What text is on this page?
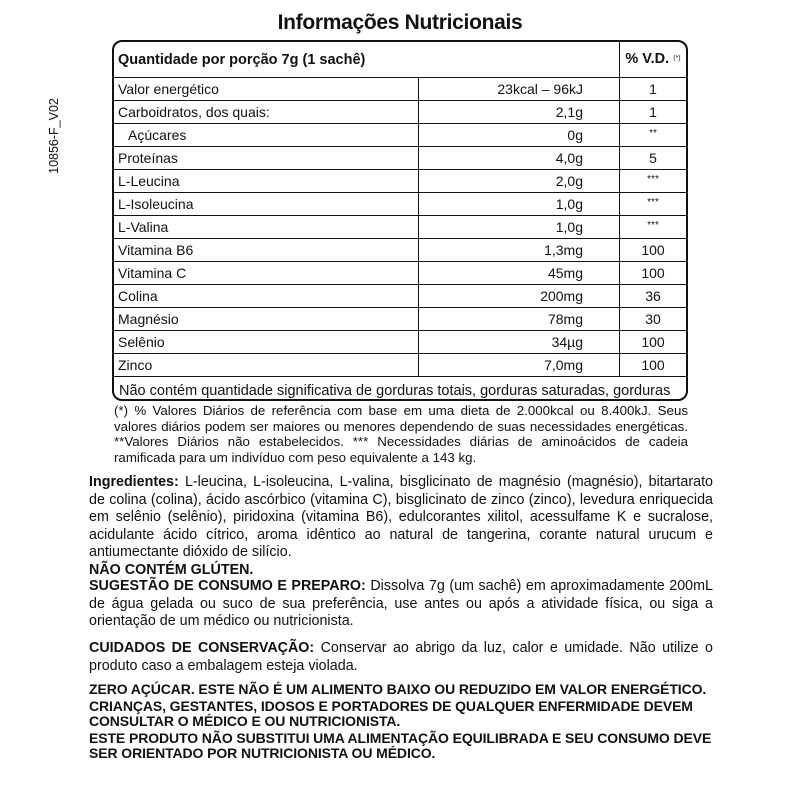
Informações Nutricionais
10856-F_V02
Quantidade por porção 7g (1 sachê)		% V.D. (*)
Valor energético	23kcal – 96kJ	1
Carboidratos, dos quais:	2,1g	1
Açúcares	0g	**
Proteínas	4,0g	5
L-Leucina	2,0g	***
L-Isoleucina	1,0g	***
L-Valina	1,0g	***
Vitamina B6	1,3mg	100
Vitamina C	45mg	100
Colina	200mg	36
Magnésio	78mg	30
Selênio	34µg	100
Zinco	7,0mg	100
Não contém quantidade significativa de gorduras totais, gorduras saturadas, gorduras		
(*) % Valores Diários de referência com base em uma dieta de 2.000kcal ou 8.400kJ. Seus valores diários podem ser maiores ou menores dependendo de suas necessidades energéticas. **Valores Diários não estabelecidos. *** Necessidades diárias de aminoácidos de cadeia ramificada para um indivíduo com peso equivalente a 143 kg.
Ingredientes: L-leucina, L-isoleucina, L-valina, bisglicinato de magnésio (magnésio), bitartarato de colina (colina), ácido ascórbico (vitamina C), bisglicinato de zinco (zinco), levedura enriquecida em selênio (selênio), piridoxina (vitamina B6), edulcorantes xilitol, acessulfame K e sucralose, acidulante ácido cítrico, aroma idêntico ao natural de tangerina, corante natural urucum e antiumectante dióxido de silício.
NÃO CONTÉM GLÚTEN.
SUGESTÃO DE CONSUMO E PREPARO: Dissolva 7g (um sachê) em aproximadamente 200mL de água gelada ou suco de sua preferência, use antes ou após a atividade física, ou siga a orientação de um médico ou nutricionista.
CUIDADOS DE CONSERVAÇÃO: Conservar ao abrigo da luz, calor e umidade. Não utilize o produto caso a embalagem esteja violada.

ZERO AÇÚCAR. ESTE NÃO É UM ALIMENTO BAIXO OU REDUZIDO EM VALOR ENERGÉTICO.

CRIANÇAS, GESTANTES, IDOSOS E PORTADORES DE QUALQUER ENFERMIDADE DEVEM CONSULTAR O MÉDICO E OU NUTRICIONISTA.

ESTE PRODUTO NÃO SUBSTITUI UMA ALIMENTAÇÃO EQUILIBRADA E SEU CONSUMO DEVE SER ORIENTADO POR NUTRICIONISTA OU MÉDICO.
